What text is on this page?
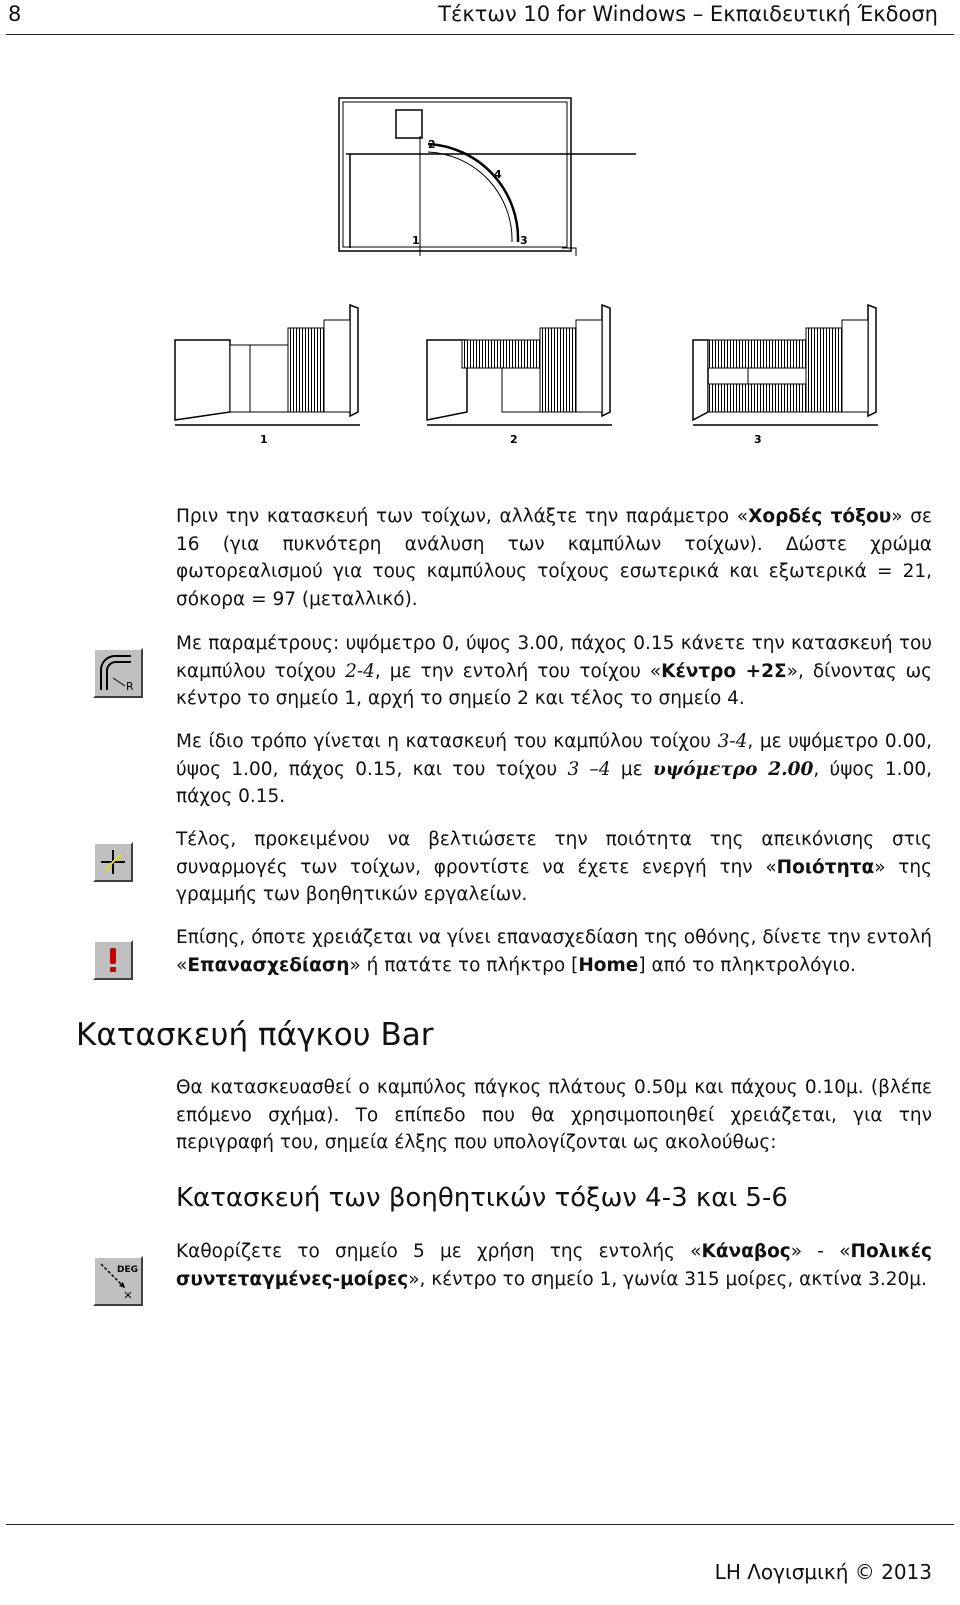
8	Τέκτων 10 for Windows – Εκπαιδευτική Έκδοση
1
2
4
3
1	2	3
Πριν την κατασκευή των τοίχων, αλλάξτε την παράμετρο «Χορδές τόξου» σε 16 (για πυκνότερη ανάλυση των καμπύλων τοίχων). Δώστε χρώμα φωτορεαλισμού για τους καμπύλους τοίχους εσωτερικά και εξωτερικά = 21, σόκορα = 97 (μεταλλικό).
R
Με παραμέτρους: υψόμετρο 0, ύψος 3.00, πάχος 0.15 κάνετε την κατασκευή του καμπύλου τοίχου 2-4, με την εντολή του τοίχου «Κέντρο +2Σ», δίνοντας ως κέντρο το σημείο 1, αρχή το σημείο 2 και τέλος το σημείο 4.
Με ίδιο τρόπο γίνεται η κατασκευή του καμπύλου τοίχου 3-4, με υψόμετρο 0.00, ύψος 1.00, πάχος 0.15, και του τοίχου 3 –4 με υψόμετρο 2.00, ύψος 1.00, πάχος 0.15.
Τέλος, προκειμένου να βελτιώσετε την ποιότητα της απεικόνισης στις συναρμογές των τοίχων, φροντίστε να έχετε ενεργή την «Ποιότητα» της γραμμής των βοηθητικών εργαλείων.
Επίσης, όποτε χρειάζεται να γίνει επανασχεδίαση της οθόνης, δίνετε την εντολή «Επανασχεδίαση» ή πατάτε το πλήκτρο [Home] από το πληκτρολόγιο.
Κατασκευή πάγκου Bar
Θα κατασκευασθεί ο καμπύλος πάγκος πλάτους 0.50μ και πάχους 0.10μ. (βλέπε επόμενο σχήμα). Το επίπεδο που θα χρησιμοποιηθεί χρειάζεται, για την περιγραφή του, σημεία έλξης που υπολογίζονται ως ακολούθως:
Κατασκευή των βοηθητικών τόξων 4-3 και 5-6
DEG
Καθορίζετε το σημείο 5 με χρήση της εντολής «Κάναβος» - «Πολικές συντεταγμένες-μοίρες», κέντρο το σημείο 1, γωνία 315 μοίρες, ακτίνα 3.20μ.
LH Λογισμική © 2013
